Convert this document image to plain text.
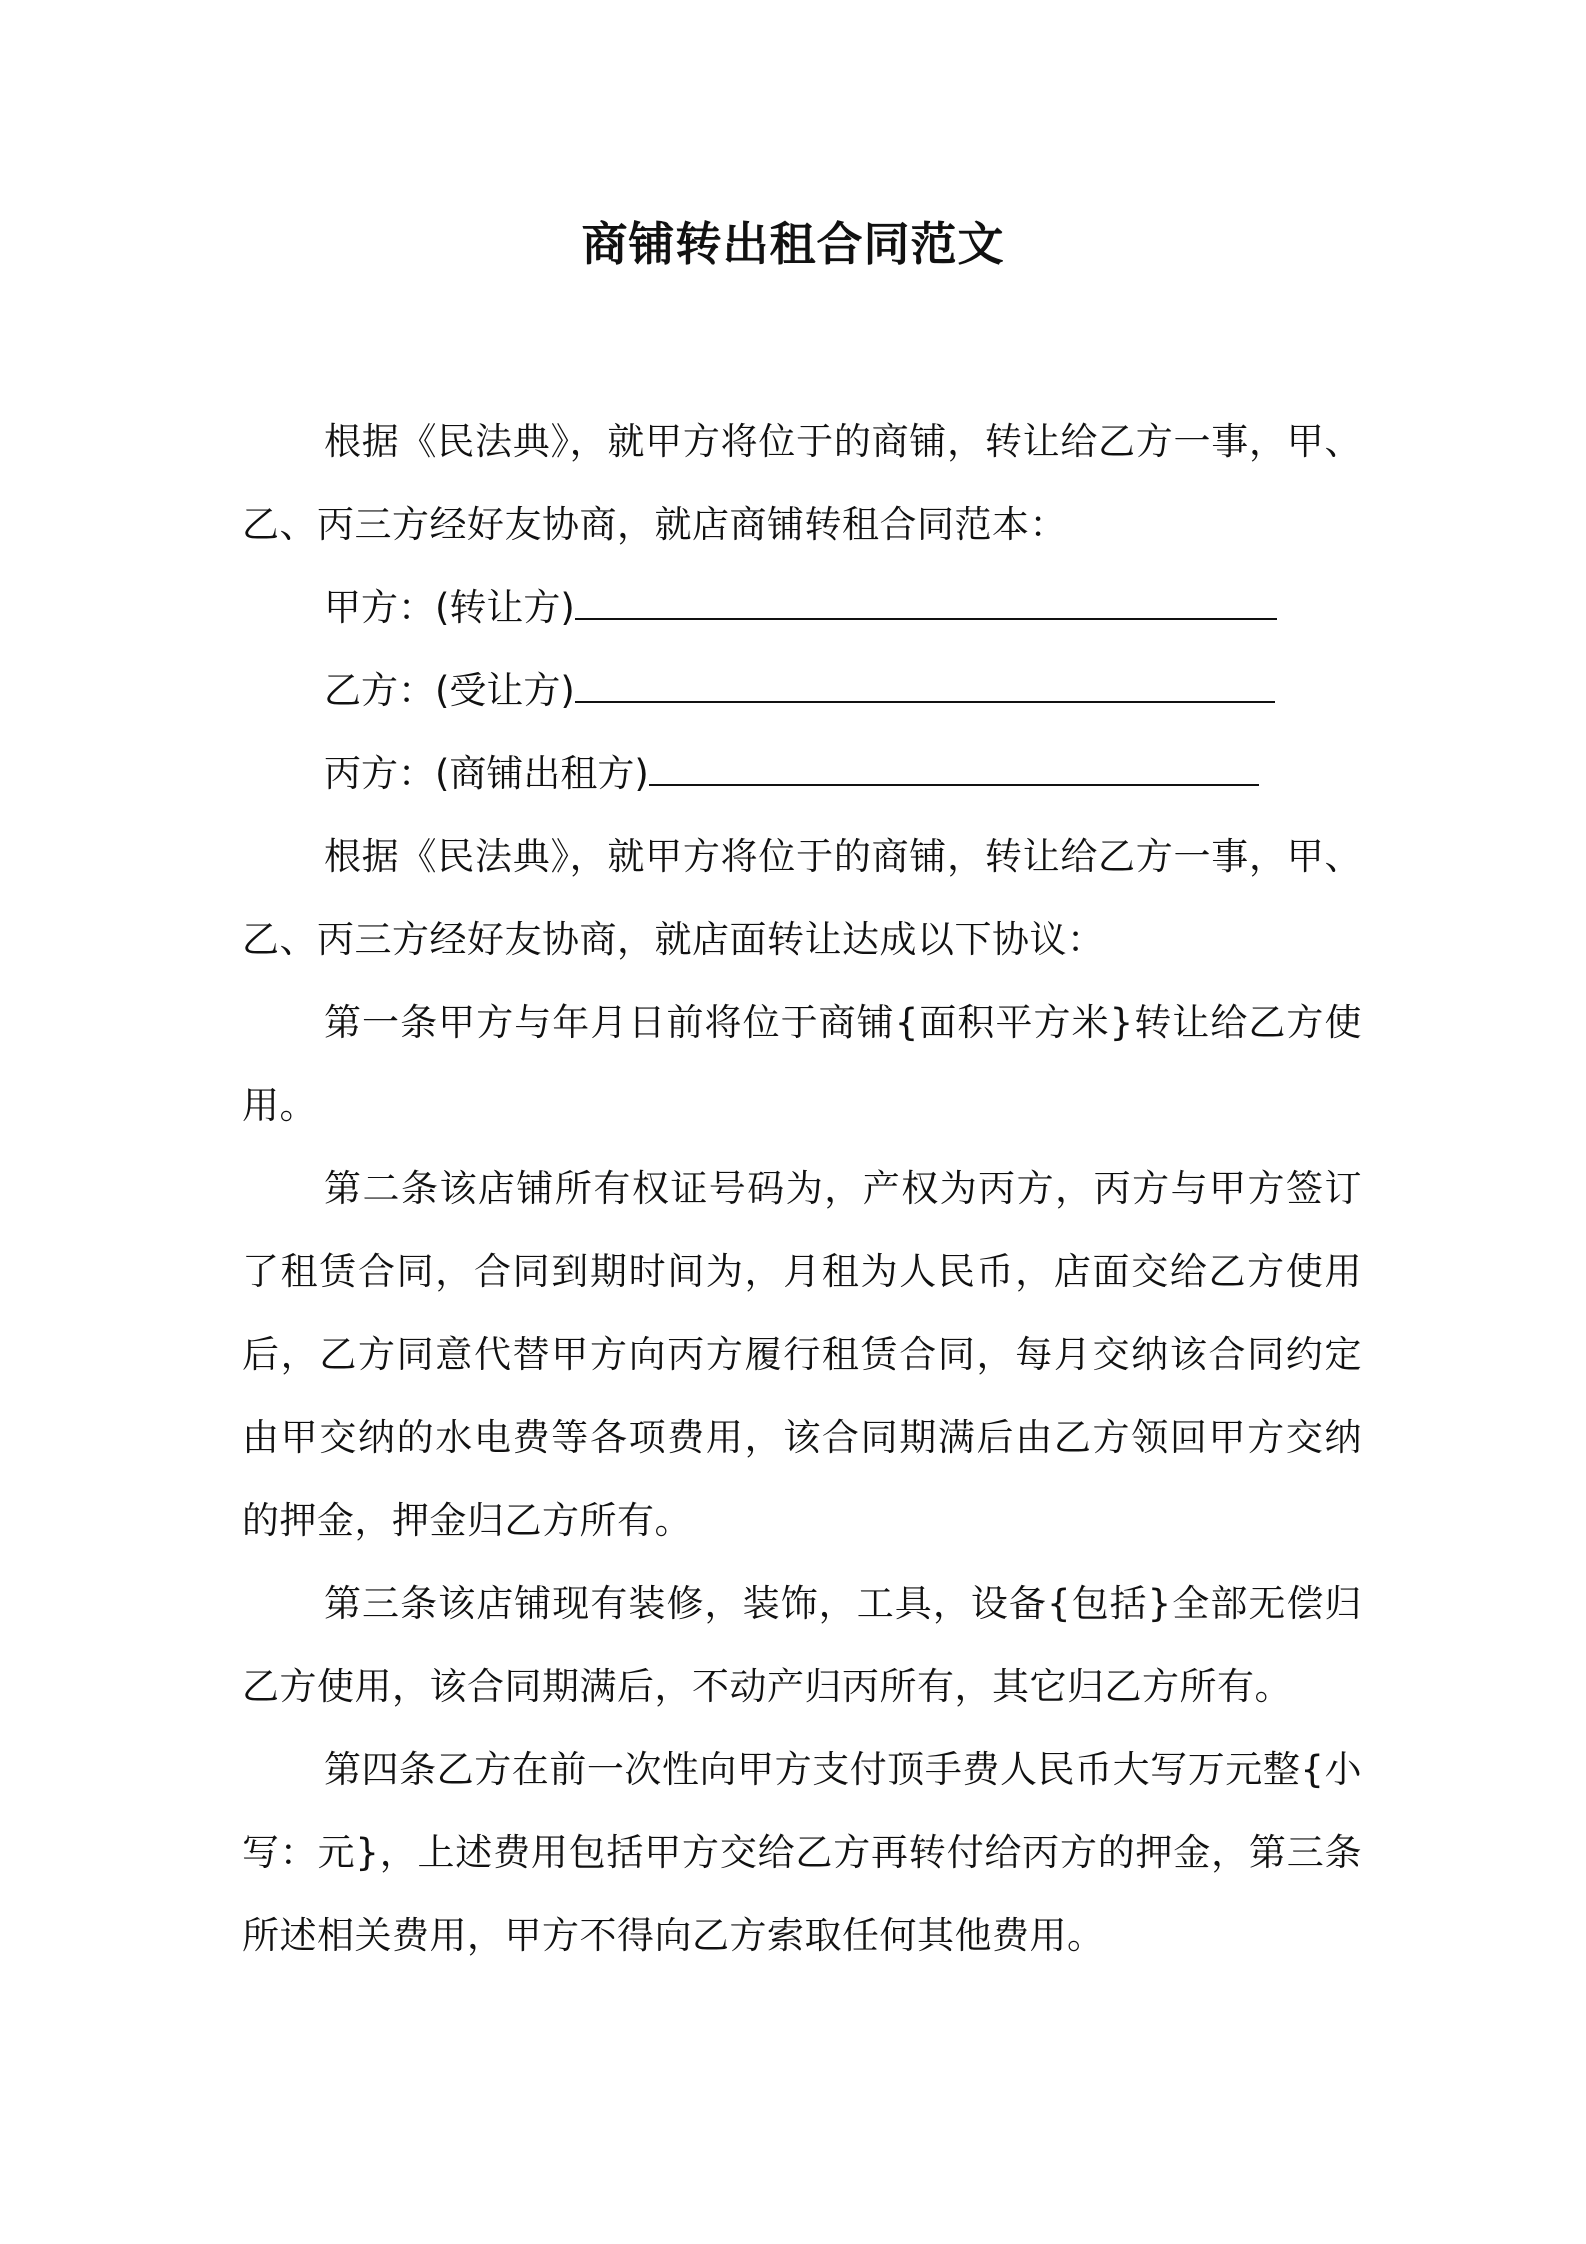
商铺转出租合同范文

根据《民法典》，就甲方将位于的商铺，转让给乙方一事，甲、乙、丙三方经好友协商，就店商铺转租合同范本：

甲方：(转让方)

乙方：(受让方)

丙方：(商铺出租方)

根据《民法典》，就甲方将位于的商铺，转让给乙方一事，甲、乙、丙三方经好友协商，就店面转让达成以下协议：

第一条甲方与年月日前将位于商铺{面积平方米}转让给乙方使用。

第二条该店铺所有权证号码为，产权为丙方，丙方与甲方签订了租赁合同，合同到期时间为，月租为人民币，店面交给乙方使用后，乙方同意代替甲方向丙方履行租赁合同，每月交纳该合同约定由甲交纳的水电费等各项费用，该合同期满后由乙方领回甲方交纳的押金，押金归乙方所有。

第三条该店铺现有装修，装饰，工具，设备{包括}全部无偿归乙方使用，该合同期满后，不动产归丙所有，其它归乙方所有。

第四条乙方在前一次性向甲方支付顶手费人民币大写万元整{小写：元}，上述费用包括甲方交给乙方再转付给丙方的押金，第三条所述相关费用，甲方不得向乙方索取任何其他费用。
